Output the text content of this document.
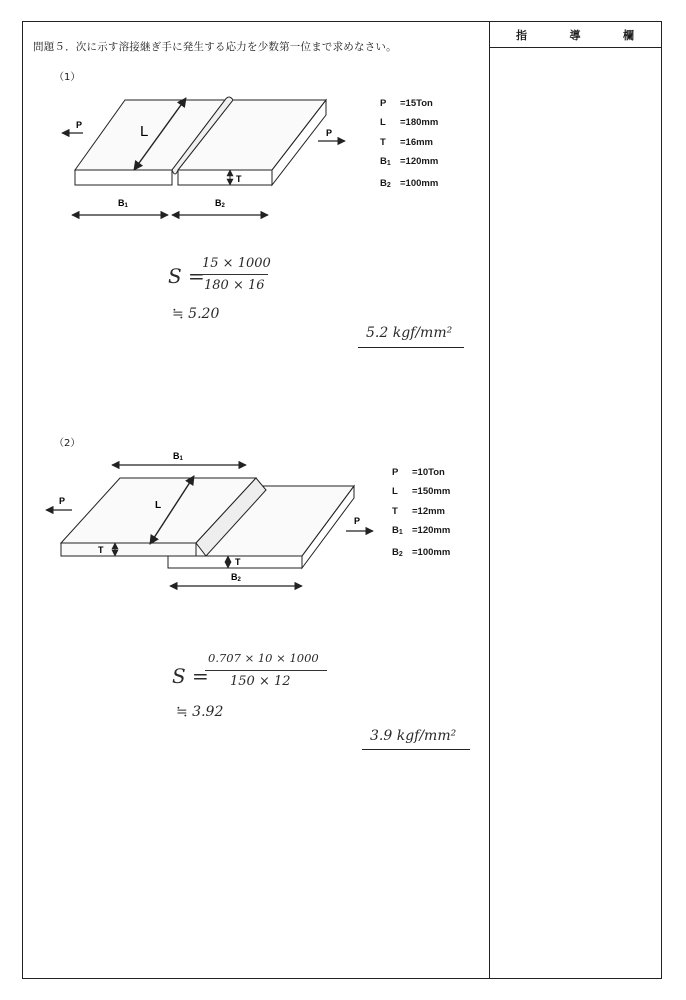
指	導	欄
問題５．次に示す溶接継ぎ手に発生する応力を少数第一位まで求めなさい。
（1）
L
P
P
T
B1	B2
P =15Ton
L =180mm
T =16mm
$B_1 =120mm$
$B_2 =100mm$
S =
15 × 1000
180 × 16
≒ 5.20
5.2 kgf/mm²
（2）
L
B1
P
P
T
T
B2
P =10Ton
L =150mm
T =12mm
$B_1 =120mm$
$B_2 =100mm$
S =
0.707 × 10 × 1000
150 × 12
≒ 3.92
3.9 kgf/mm²
